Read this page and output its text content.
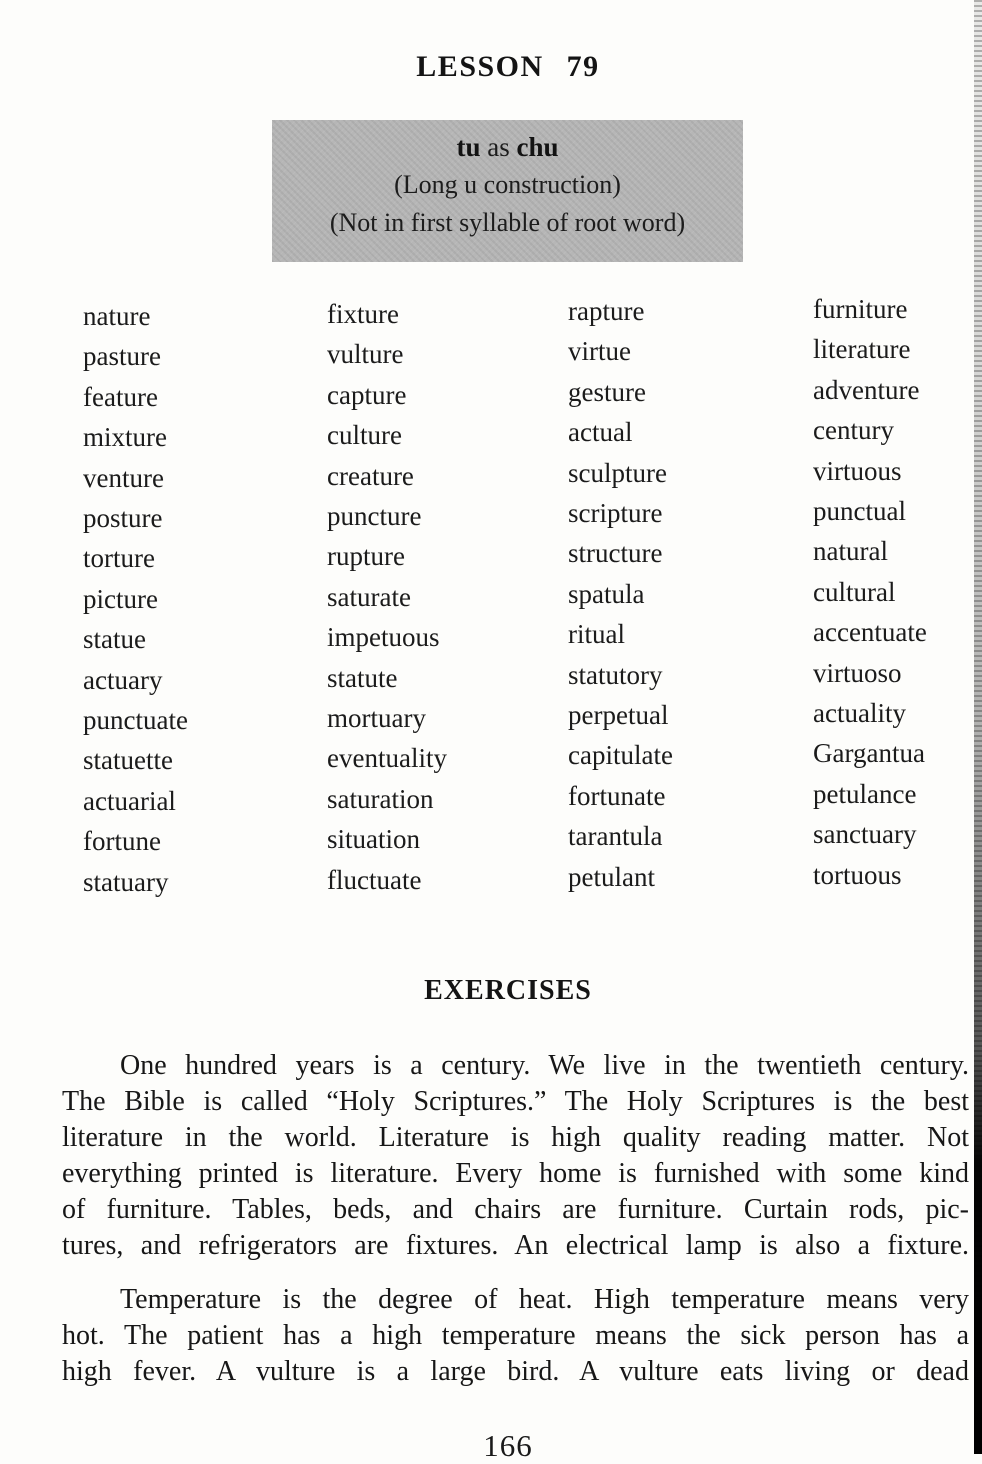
LESSON 79
tu as chu
(Long u construction)
(Not in first syllable of root word)
nature
pasture
feature
mixture
venture
posture
torture
picture
statue
actuary
punctuate
statuette
actuarial
fortune
statuary
fixture
vulture
capture
culture
creature
puncture
rupture
saturate
impetuous
statute
mortuary
eventuality
saturation
situation
fluctuate
rapture
virtue
gesture
actual
sculpture
scripture
structure
spatula
ritual
statutory
perpetual
capitulate
fortunate
tarantula
petulant
furniture
literature
adventure
century
virtuous
punctual
natural
cultural
accentuate
virtuoso
actuality
Gargantua
petulance
sanctuary
tortuous
EXERCISES
One hundred years is a century. We live in the twentieth century.
The Bible is called “Holy Scriptures.” The Holy Scriptures is the best
literature in the world. Literature is high quality reading matter. Not
everything printed is literature. Every home is furnished with some kind
of furniture. Tables, beds, and chairs are furniture. Curtain rods, pic-
tures, and refrigerators are fixtures. An electrical lamp is also a fixture.
Temperature is the degree of heat. High temperature means very
hot. The patient has a high temperature means the sick person has a
high fever. A vulture is a large bird. A vulture eats living or dead
166
